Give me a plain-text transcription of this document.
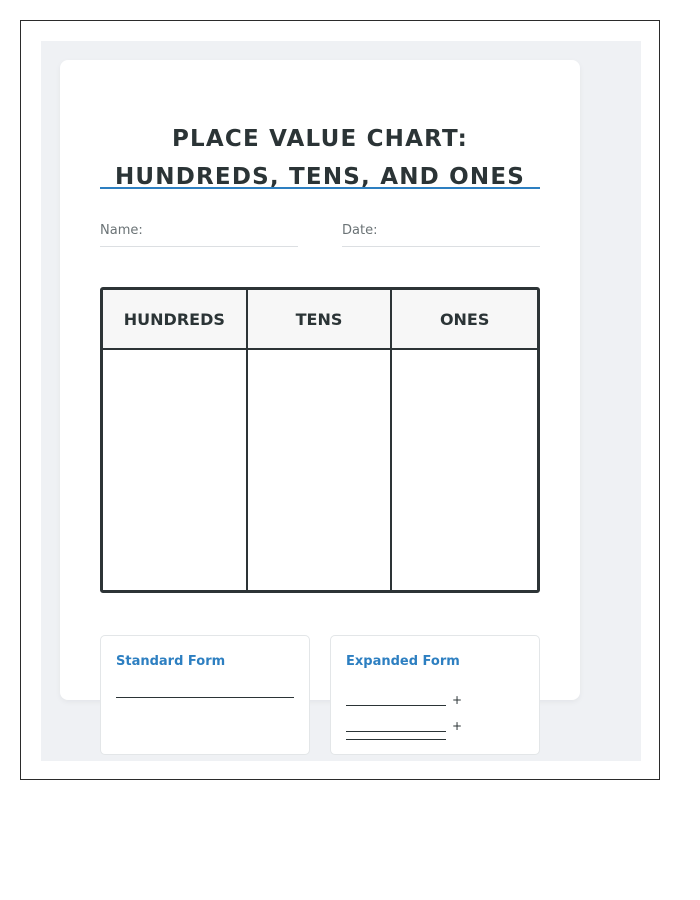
PLACE VALUE CHART: HUNDREDS, TENS, AND ONES
Name:	Date:
HUNDREDS	TENS	ONES
Standard Form	Expanded Form
+
+
